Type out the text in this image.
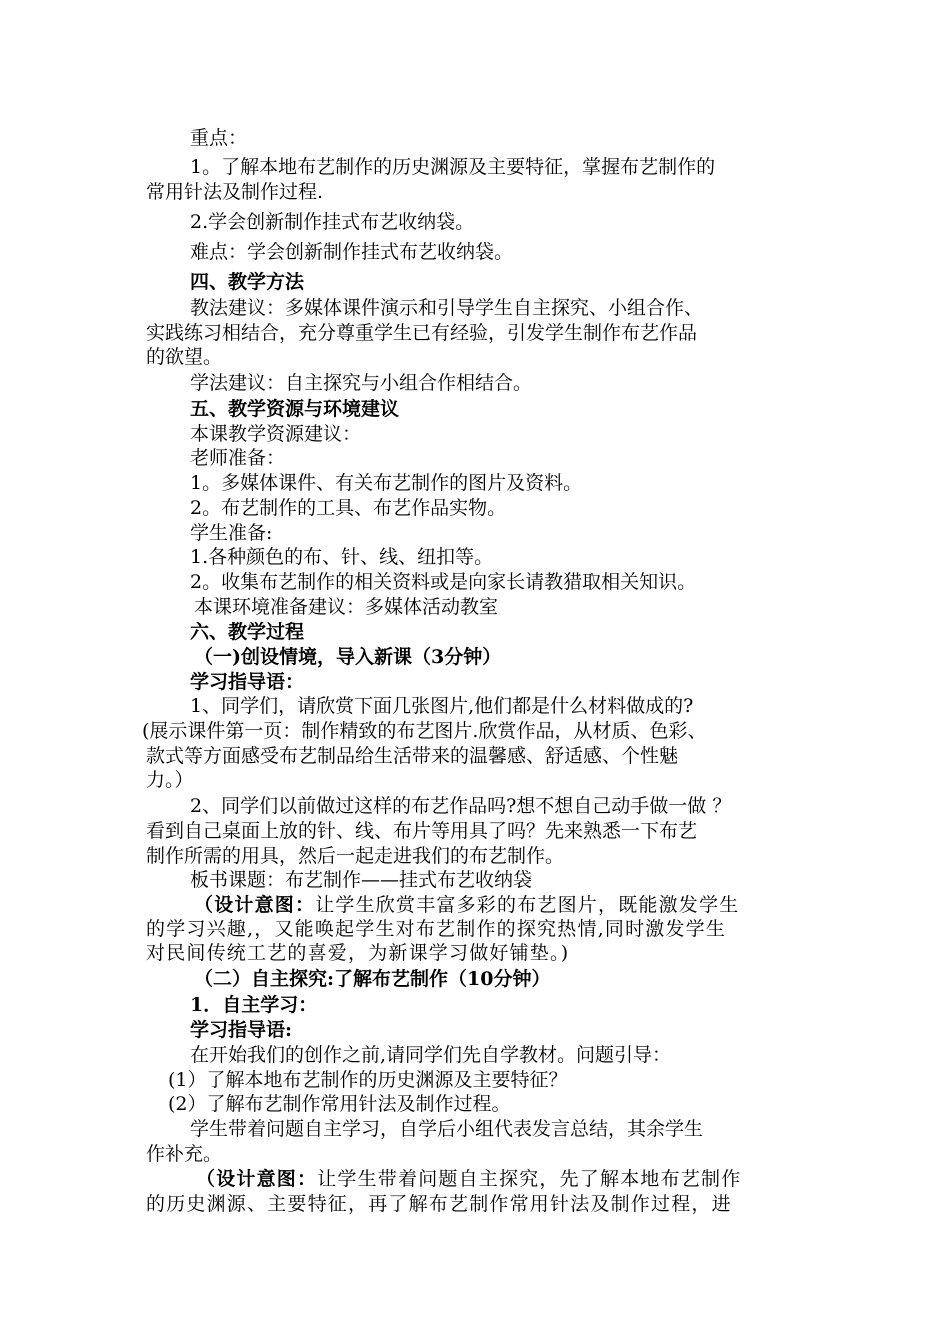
重点：
1。了解本地布艺制作的历史渊源及主要特征，掌握布艺制作的
常用针法及制作过程.
2.学会创新制作挂式布艺收纳袋。
难点：学会创新制作挂式布艺收纳袋。
四、教学方法
教法建议：多媒体课件演示和引导学生自主探究、小组合作、
实践练习相结合，充分尊重学生已有经验，引发学生制作布艺作品
的欲望。
学法建议：自主探究与小组合作相结合。
五、教学资源与环境建议
本课教学资源建议：
老师准备：
1。多媒体课件、有关布艺制作的图片及资料。
2。布艺制作的工具、布艺作品实物。
学生准备:
1.各种颜色的布、针、线、纽扣等。
2。收集布艺制作的相关资料或是向家长请教猎取相关知识。
本课环境准备建议：多媒体活动教室
六、教学过程
（一)创设情境，导入新课（3分钟）
学习指导语：
1、同学们，请欣赏下面几张图片,他们都是什么材料做成的?
(展示课件第一页：制作精致的布艺图片.欣赏作品，从材质、色彩、
款式等方面感受布艺制品给生活带来的温馨感、舒适感、个性魅
力。）
2、同学们以前做过这样的布艺作品吗?想不想自己动手做一做 ？
看到自己桌面上放的针、线、布片等用具了吗？先来熟悉一下布艺
制作所需的用具，然后一起走进我们的布艺制作。
板书课题：布艺制作——挂式布艺收纳袋
（设计意图：让学生欣赏丰富多彩的布艺图片，既能激发学生
的学习兴趣,，又能唤起学生对布艺制作的探究热情,同时激发学生
对民间传统工艺的喜爱，为新课学习做好铺垫。)
（二）自主探究:了解布艺制作（10分钟）
1．自主学习：
学习指导语:
在开始我们的创作之前,请同学们先自学教材。问题引导：
(1）了解本地布艺制作的历史渊源及主要特征？
(2）了解布艺制作常用针法及制作过程。
学生带着问题自主学习，自学后小组代表发言总结，其余学生
作补充。
（设计意图：让学生带着问题自主探究，先了解本地布艺制作
的历史渊源、主要特征，再了解布艺制作常用针法及制作过程，进
